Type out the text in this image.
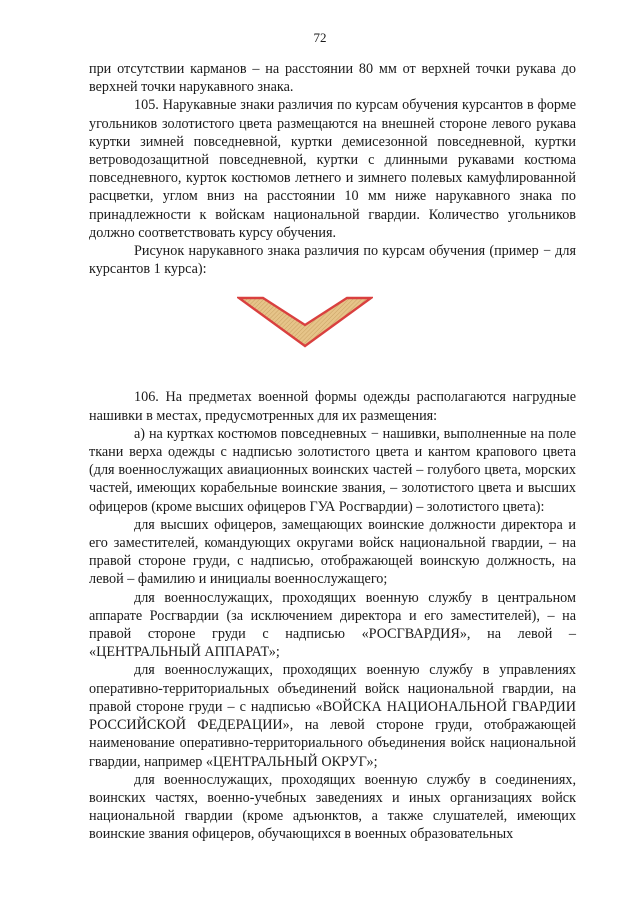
72

при отсутствии карманов – на расстоянии 80 мм от верхней точки рукава до верхней точки нарукавного знака.

105. Нарукавные знаки различия по курсам обучения курсантов в форме угольников золотистого цвета размещаются на внешней стороне левого рукава куртки зимней повседневной, куртки демисезонной повседневной, куртки ветроводозащитной повседневной, куртки с длинными рукавами костюма повседневного, курток костюмов летнего и зимнего полевых камуфлированной расцветки, углом вниз на расстоянии 10 мм ниже нарукавного знака по принадлежности к войскам национальной гвардии. Количество угольников должно соответствовать курсу обучения.

Рисунок нарукавного знака различия по курсам обучения (пример − для курсантов 1 курса):

106. На предметах военной формы одежды располагаются нагрудные нашивки в местах, предусмотренных для их размещения:

а) на куртках костюмов повседневных − нашивки, выполненные на поле ткани верха одежды с надписью золотистого цвета и кантом крапового цвета (для военнослужащих авиационных воинских частей – голубого цвета, морских частей, имеющих корабельные воинские звания, – золотистого цвета и высших офицеров (кроме высших офицеров ГУА Росгвардии) – золотистого цвета):

для высших офицеров, замещающих воинские должности директора и его заместителей, командующих округами войск национальной гвардии, – на правой стороне груди, с надписью, отображающей воинскую должность, на левой – фамилию и инициалы военнослужащего;

для военнослужащих, проходящих военную службу в центральном аппарате Росгвардии (за исключением директора и его заместителей), – на правой стороне груди с надписью «РОСГВАРДИЯ», на левой – «ЦЕНТРАЛЬНЫЙ АППАРАТ»;

для военнослужащих, проходящих военную службу в управлениях оперативно-территориальных объединений войск национальной гвардии, на правой стороне груди – с надписью «ВОЙСКА НАЦИОНАЛЬНОЙ ГВАРДИИ РОССИЙСКОЙ ФЕДЕРАЦИИ», на левой стороне груди, отображающей наименование оперативно-территориального объединения войск национальной гвардии, например «ЦЕНТРАЛЬНЫЙ ОКРУГ»;

для военнослужащих, проходящих военную службу в соединениях, воинских частях, военно-учебных заведениях и иных организациях войск национальной гвардии (кроме адъюнктов, а также слушателей, имеющих воинские звания офицеров, обучающихся в военных образовательных
